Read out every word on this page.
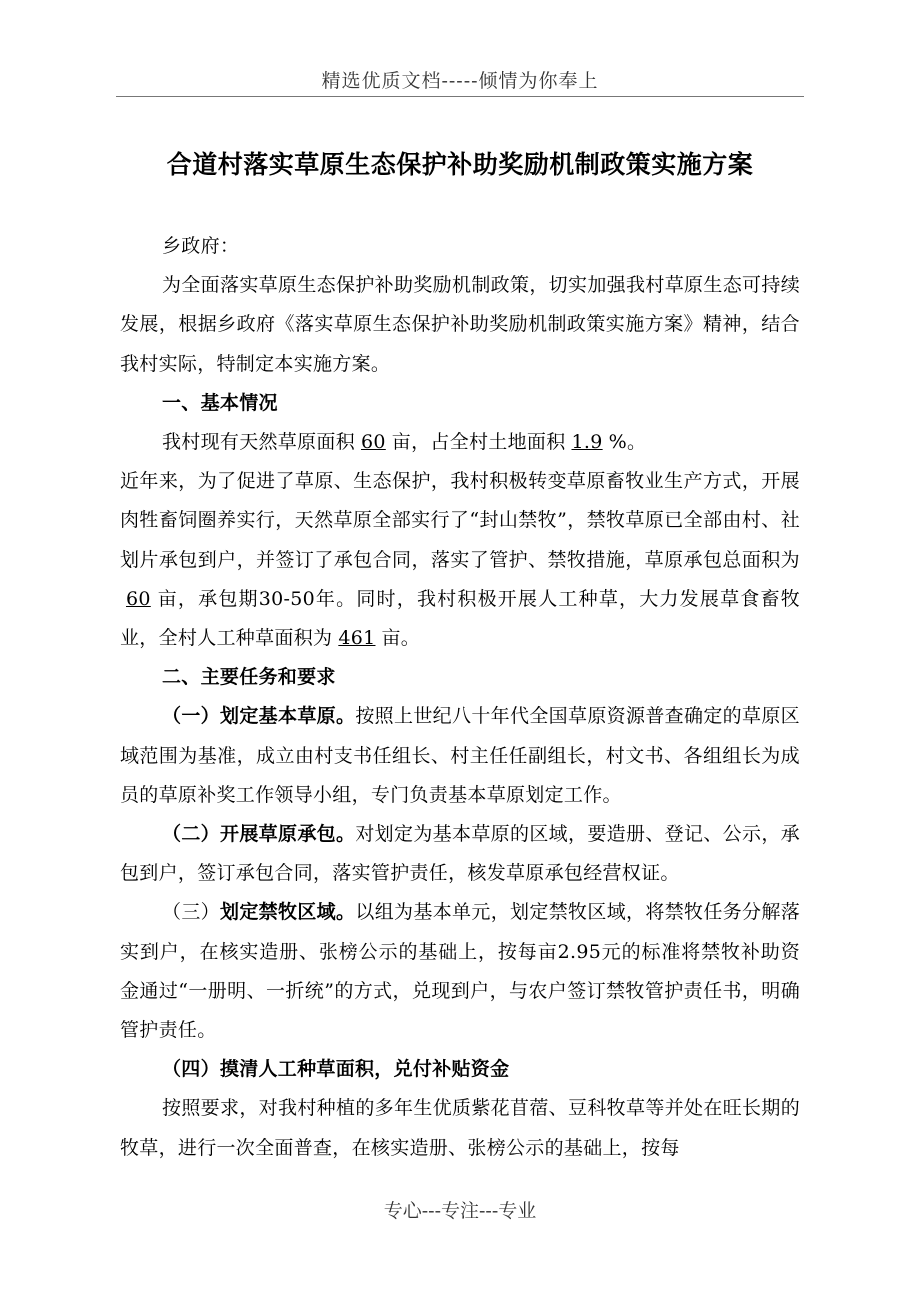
精选优质文档-----倾情为你奉上
合道村落实草原生态保护补助奖励机制政策实施方案

乡政府：

为全面落实草原生态保护补助奖励机制政策，切实加强我村草原生态可持续发展，根据乡政府《落实草原生态保护补助奖励机制政策实施方案》精神，结合我村实际，特制定本实施方案。

一、基本情况

我村现有天然草原面积 60 亩，占全村土地面积 1.9 %。

近年来，为了促进了草原、生态保护，我村积极转变草原畜牧业生产方式，开展肉牲畜饲圈养实行，天然草原全部实行了“封山禁牧”，禁牧草原已全部由村、社划片承包到户，并签订了承包合同，落实了管护、禁牧措施，草原承包总面积为60 亩，承包期30-50年。同时，我村积极开展人工种草，大力发展草食畜牧业，全村人工种草面积为 461 亩。

二、主要任务和要求

（一）划定基本草原。按照上世纪八十年代全国草原资源普查确定的草原区域范围为基准，成立由村支书任组长、村主任任副组长，村文书、各组组长为成员的草原补奖工作领导小组，专门负责基本草原划定工作。

（二）开展草原承包。对划定为基本草原的区域，要造册、登记、公示，承包到户，签订承包合同，落实管护责任，核发草原承包经营权证。

（三）划定禁牧区域。以组为基本单元，划定禁牧区域，将禁牧任务分解落实到户，在核实造册、张榜公示的基础上，按每亩2.95元的标准将禁牧补助资金通过“一册明、一折统”的方式，兑现到户，与农户签订禁牧管护责任书，明确管护责任。

（四）摸清人工种草面积，兑付补贴资金

按照要求，对我村种植的多年生优质紫花苜蓿、豆科牧草等并处在旺长期的牧草，进行一次全面普查，在核实造册、张榜公示的基础上，按每

专心---专注---专业
